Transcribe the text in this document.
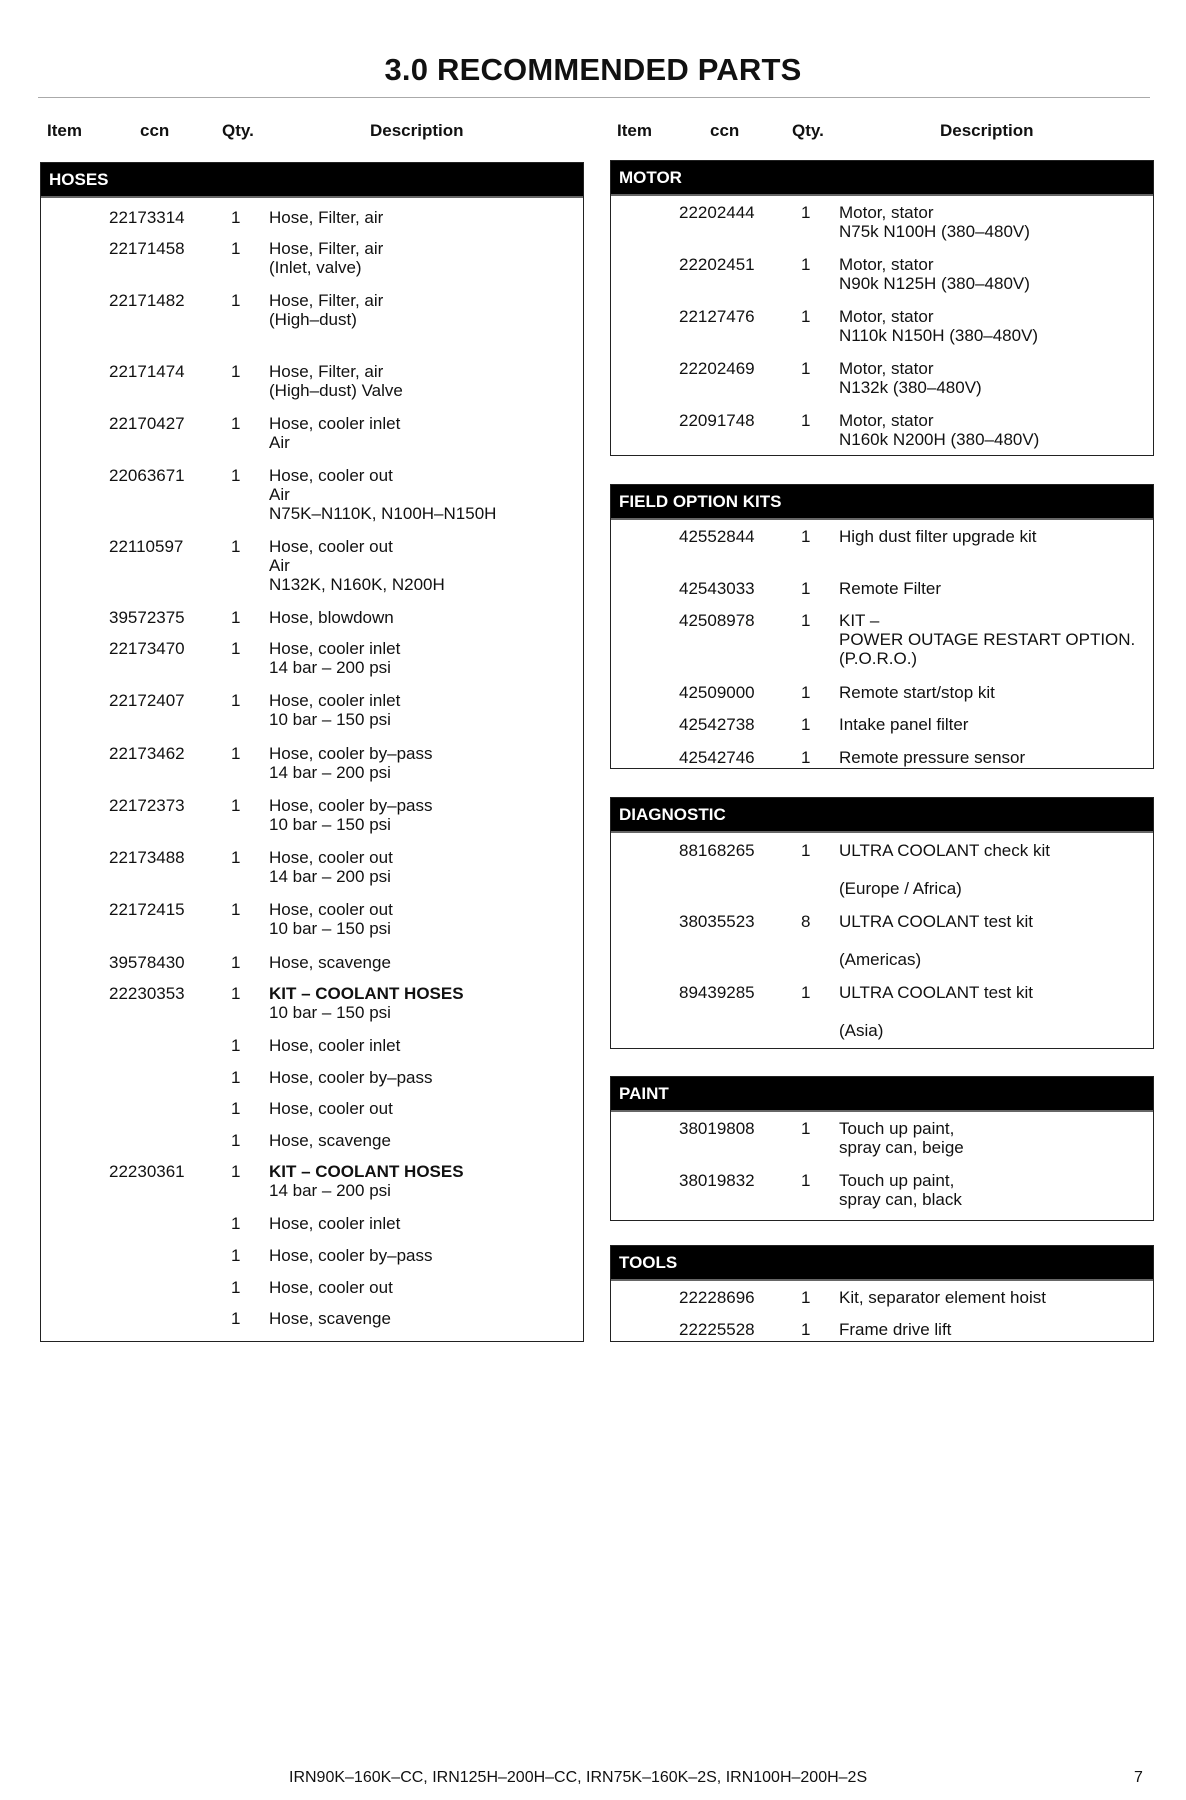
3.0 RECOMMENDED PARTS
Item	ccn	Qty.	Description
HOSES
22173314	1 Hose, Filter, air
22171458	1 Hose, Filter, air
(Inlet, valve)
22171482	1 Hose, Filter, air
(High–dust)
22171474	1 Hose, Filter, air
(High–dust) Valve
22170427	1 Hose, cooler inlet
Air
22063671	1 Hose, cooler out
Air
N75K–N110K, N100H–N150H
22110597	1 Hose, cooler out
Air
N132K, N160K, N200H
39572375	1 Hose, blowdown
22173470	1 Hose, cooler inlet
14 bar – 200 psi
22172407	1 Hose, cooler inlet
10 bar – 150 psi
22173462	1 Hose, cooler by–pass
14 bar – 200 psi
22172373	1 Hose, cooler by–pass
10 bar – 150 psi
22173488	1 Hose, cooler out
14 bar – 200 psi
22172415	1 Hose, cooler out
10 bar – 150 psi
39578430	1 Hose, scavenge
22230353	1 KIT – COOLANT HOSES
10 bar – 150 psi
1 Hose, cooler inlet
1 Hose, cooler by–pass
1 Hose, cooler out
1 Hose, scavenge
22230361	1 KIT – COOLANT HOSES
14 bar – 200 psi
1 Hose, cooler inlet
1 Hose, cooler by–pass
1 Hose, cooler out
1 Hose, scavenge
Item	ccn	Qty.	Description
MOTOR
22202444	1 Motor, stator
N75k N100H (380–480V)
22202451	1 Motor, stator
N90k N125H (380–480V)
22127476	1 Motor, stator
N110k N150H (380–480V)
22202469	1 Motor, stator
N132k (380–480V)
22091748	1 Motor, stator
N160k N200H (380–480V)
FIELD OPTION KITS
42552844	1 High dust filter upgrade kit
42543033	1 Remote Filter
42508978	1 KIT –
POWER OUTAGE RESTART OPTION.
(P.O.R.O.)
42509000	1 Remote start/stop kit
42542738	1 Intake panel filter
42542746	1 Remote pressure sensor
DIAGNOSTIC
88168265	1 ULTRA COOLANT check kit
(Europe / Africa)
38035523	8 ULTRA COOLANT test kit
(Americas)
89439285	1 ULTRA COOLANT test kit
(Asia)
PAINT
38019808	1 Touch up paint,
spray can, beige
38019832	1 Touch up paint,
spray can, black
TOOLS
22228696	1 Kit, separator element hoist
22225528	1 Frame drive lift
IRN90K–160K–CC, IRN125H–200H–CC, IRN75K–160K–2S, IRN100H–200H–2S	7
